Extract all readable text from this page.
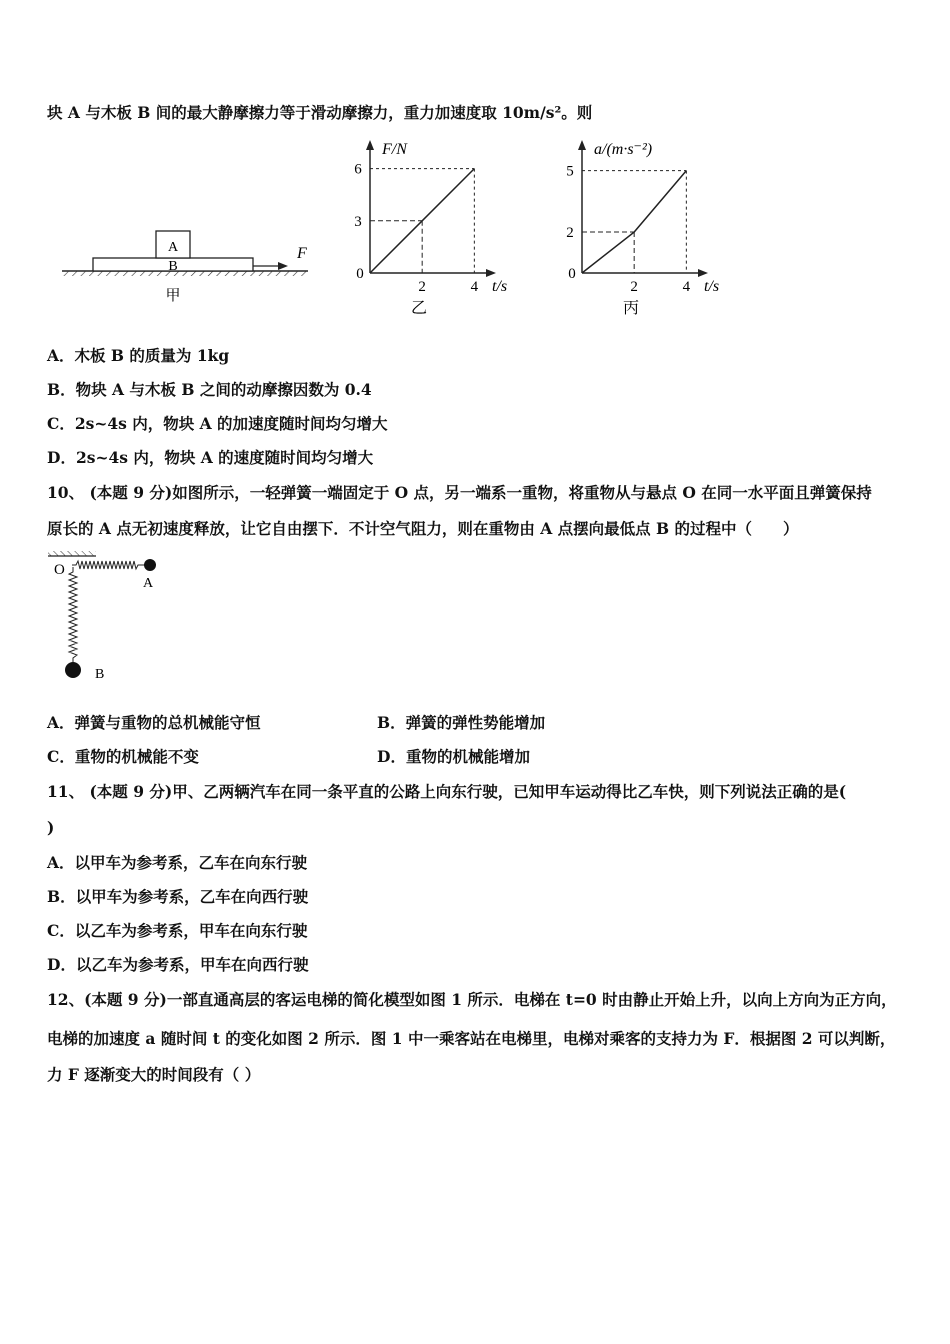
块 A 与木板 B 间的最大静摩擦力等于滑动摩擦力，重力加速度取 10m/s²。则
A
B
F
甲
F/N
t/s
0
3
2
6
4
乙
a/(m·s⁻²)
t/s
0
2
2
5
4
丙
A．木板 B 的质量为 1kg
B．物块 A 与木板 B 之间的动摩擦因数为 0.4
C．2s~4s 内，物块 A 的加速度随时间均匀增大
D．2s~4s 内，物块 A 的速度随时间均匀增大
10、 (本题 9 分)如图所示，一轻弹簧一端固定于 O 点，另一端系一重物，将重物从与悬点 O 在同一水平面且弹簧保持
原长的 A 点无初速度释放，让它自由摆下．不计空气阻力，则在重物由 A 点摆向最低点 B 的过程中（　　）
O
A
B
A．弹簧与重物的总机械能守恒	B．弹簧的弹性势能增加
C．重物的机械能不变	D．重物的机械能增加
11、 (本题 9 分)甲、乙两辆汽车在同一条平直的公路上向东行驶，已知甲车运动得比乙车快，则下列说法正确的是(
)
A．以甲车为参考系，乙车在向东行驶
B．以甲车为参考系，乙车在向西行驶
C．以乙车为参考系，甲车在向东行驶
D．以乙车为参考系，甲车在向西行驶
12、(本题 9 分)一部直通高层的客运电梯的简化模型如图 1 所示．电梯在 t=0 时由静止开始上升，以向上方向为正方向，
电梯的加速度 a 随时间 t 的变化如图 2 所示．图 1 中一乘客站在电梯里，电梯对乘客的支持力为 F．根据图 2 可以判断，
力 F 逐渐变大的时间段有（ ）
